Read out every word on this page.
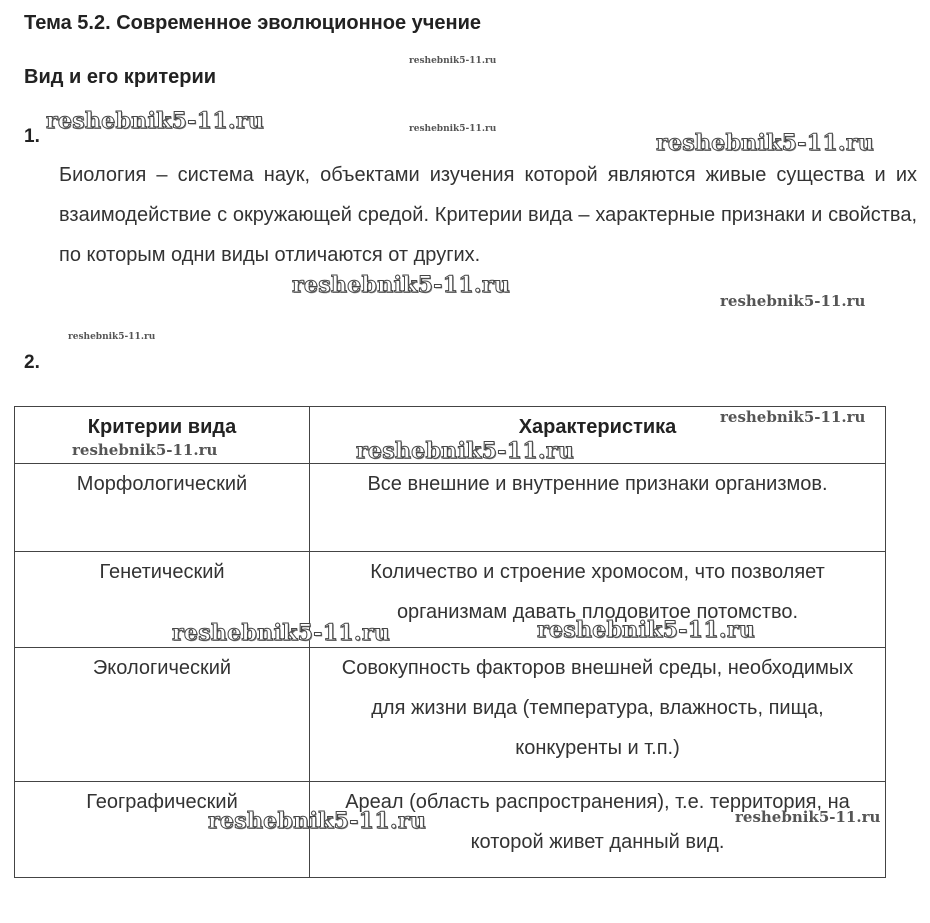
Тема 5.2. Современное эволюционное учение
Вид и его критерии
1.
Биология – система наук, объектами изучения которой являются живые существа и их взаимодействие с окружающей средой. Критерии вида – характерные признаки и свойства, по которым одни виды отличаются от других.
2.
Критерии вида	Характеристика

Морфологический	Все внешние и внутренние признаки организмов.

Генетический	Количество и строение хромосом, что позволяет организмам давать плодовитое потомство.

Экологический	Совокупность факторов внешней среды, необходимых для жизни вида (температура, влажность, пища, конкуренты и т.п.)

Географический	Ареал (область распространения), т.е. территория, на которой живет данный вид.
reshebnik5-11.ru
reshebnik5-11.ru	reshebnik5-11.ru
reshebnik5-11.ru
reshebnik5-11.ru
reshebnik5-11.ru
reshebnik5-11.ru
reshebnik5-11.ru
reshebnik5-11.ru	reshebnik5-11.ru
reshebnik5-11.ru	reshebnik5-11.ru
reshebnik5-11.ru	reshebnik5-11.ru
